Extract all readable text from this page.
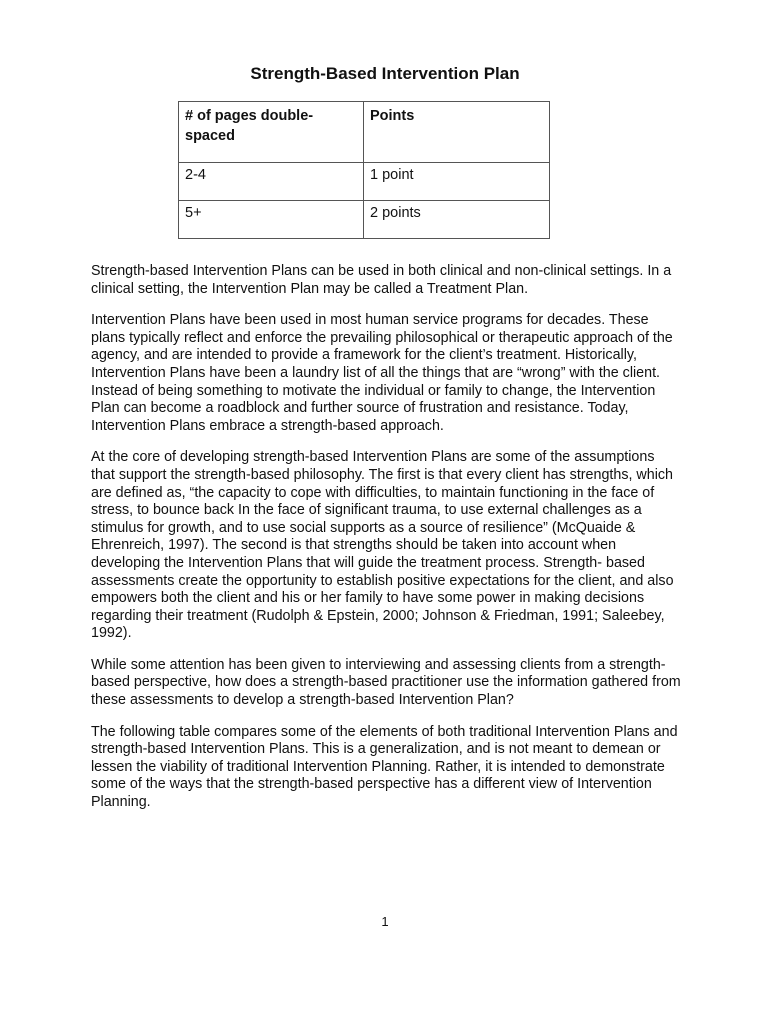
Strength-Based Intervention Plan
# of pages double-spaced	Points
2-4	1 point
5+	2 points

Strength-based Intervention Plans can be used in both clinical and non-clinical settings. In a clinical setting, the Intervention Plan may be called a Treatment Plan.

Intervention Plans have been used in most human service programs for decades. These plans typically reflect and enforce the prevailing philosophical or therapeutic approach of the agency, and are intended to provide a framework for the client’s treatment. Historically, Intervention Plans have been a laundry list of all the things that are “wrong” with the client. Instead of being something to motivate the individual or family to change, the Intervention Plan can become a roadblock and further source of frustration and resistance. Today, Intervention Plans embrace a strength-based approach.

At the core of developing strength-based Intervention Plans are some of the assumptions that support the strength-based philosophy. The first is that every client has strengths, which are defined as, “the capacity to cope with difficulties, to maintain functioning in the face of stress, to bounce back In the face of significant trauma, to use external challenges as a stimulus for growth, and to use social supports as a source of resilience” (McQuaide & Ehrenreich, 1997). The second is that strengths should be taken into account when developing the Intervention Plans that will guide the treatment process. Strength- based assessments create the opportunity to establish positive expectations for the client, and also empowers both the client and his or her family to have some power in making decisions regarding their treatment (Rudolph & Epstein, 2000; Johnson & Friedman, 1991; Saleebey, 1992).

While some attention has been given to interviewing and assessing clients from a strength-based perspective, how does a strength-based practitioner use the information gathered from these assessments to develop a strength-based Intervention Plan?

The following table compares some of the elements of both traditional Intervention Plans and strength-based Intervention Plans. This is a generalization, and is not meant to demean or lessen the viability of traditional Intervention Planning. Rather, it is intended to demonstrate some of the ways that the strength-based perspective has a different view of Intervention Planning.

1
